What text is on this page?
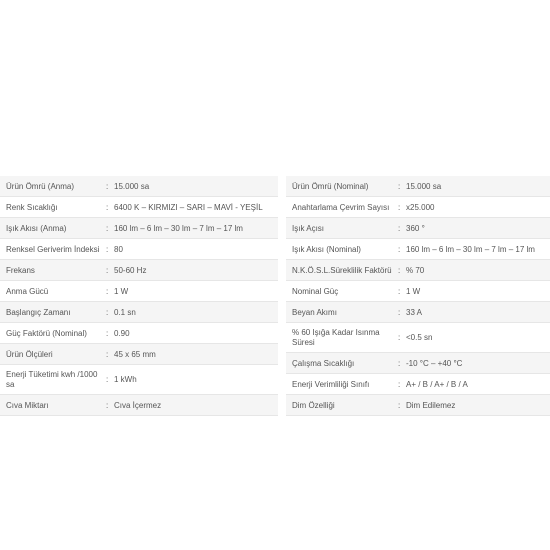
Ürün Ömrü (Anma)	:	15.000 sa
Renk Sıcaklığı	:	6400 K – KIRMIZI – SARI – MAVİ - YEŞİL
Işık Akısı (Anma)	:	160 lm – 6 lm – 30 lm – 7 lm – 17 lm
Renksel Geriverim İndeksi	:	80
Frekans	:	50-60 Hz
Anma Gücü	:	1 W
Başlangıç Zamanı	:	0.1 sn
Güç Faktörü (Nominal)	:	0.90
Ürün Ölçüleri	:	45 x 65 mm
Enerji Tüketimi kwh /1000 sa	:	1 kWh
Cıva Miktarı	:	Cıva İçermez
Ürün Ömrü (Nominal)	:	15.000 sa
Anahtarlama Çevrim Sayısı	:	x25.000
Işık Açısı	:	360 °
Işık Akısı (Nominal)	:	160 lm – 6 lm – 30 lm – 7 lm – 17 lm
N.K.Ö.S.L.Süreklilik Faktörü	:	% 70
Nominal Güç	:	1 W
Beyan Akımı	:	33 A
% 60 Işığa Kadar Isınma Süresi	:	<0.5 sn
Çalışma Sıcaklığı	:	-10 °C – +40 °C
Enerji Verimliliği Sınıfı	:	A+ / B / A+ / B / A
Dim Özelliği	:	Dim Edilemez
